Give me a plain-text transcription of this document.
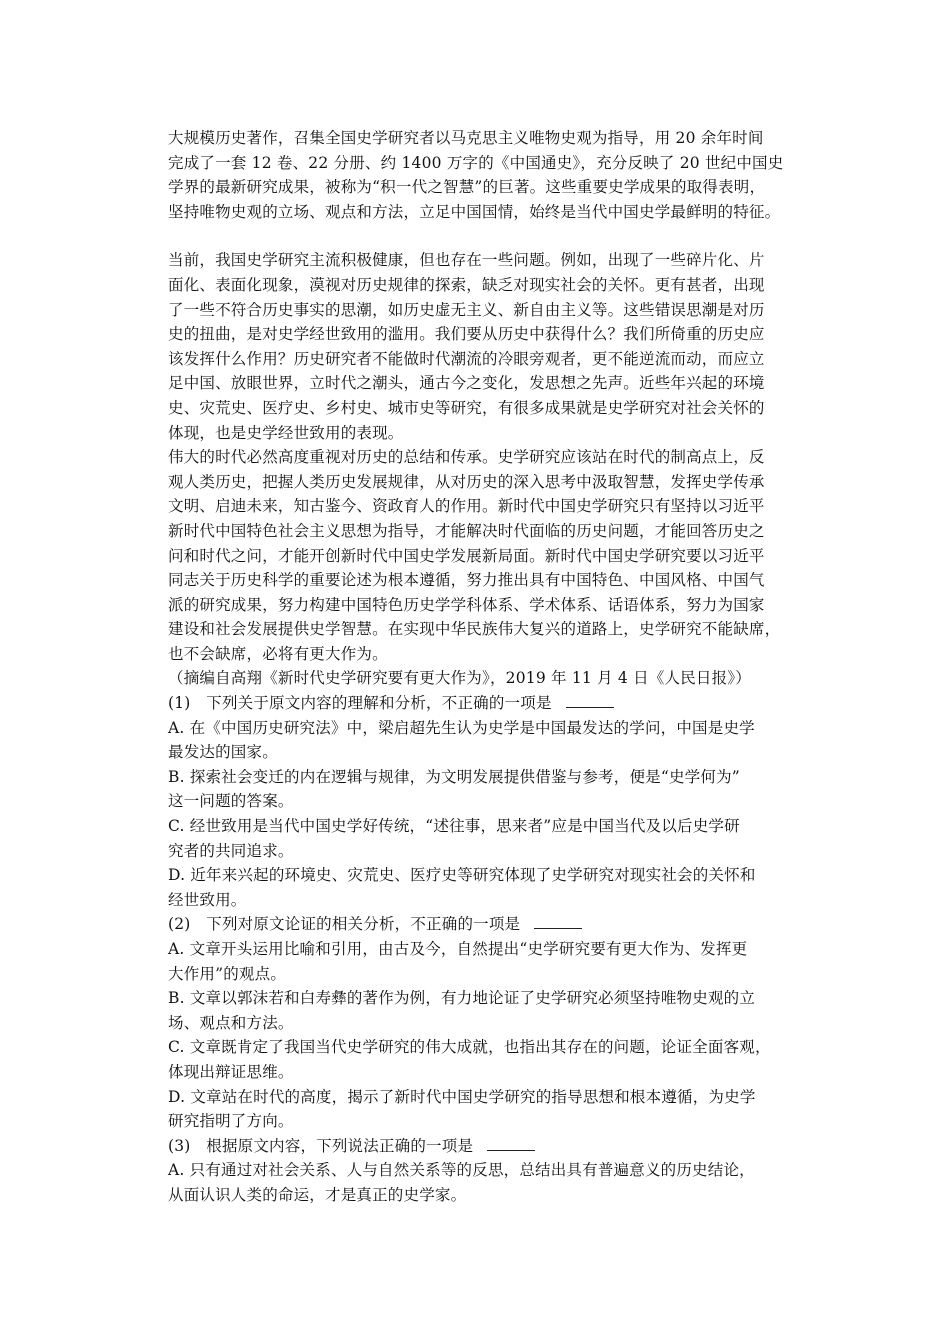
大规模历史著作，召集全国史学研究者以马克思主义唯物史观为指导，用 20 余年时间

完成了一套 12 卷、22 分册、约 1400 万字的《中国通史》，充分反映了 20 世纪中国史

学界的最新研究成果，被称为“积一代之智慧”的巨著。这些重要史学成果的取得表明，

坚持唯物史观的立场、观点和方法，立足中国国情，始终是当代中国史学最鲜明的特征。

当前，我国史学研究主流积极健康，但也存在一些问题。例如，出现了一些碎片化、片

面化、表面化现象，漠视对历史规律的探索，缺乏对现实社会的关怀。更有甚者，出现

了一些不符合历史事实的思潮，如历史虚无主义、新自由主义等。这些错误思潮是对历

史的扭曲，是对史学经世致用的滥用。我们要从历史中获得什么？我们所倚重的历史应

该发挥什么作用？历史研究者不能做时代潮流的冷眼旁观者，更不能逆流而动，而应立

足中国、放眼世界，立时代之潮头，通古今之变化，发思想之先声。近些年兴起的环境

史、灾荒史、医疗史、乡村史、城市史等研究，有很多成果就是史学研究对社会关怀的

体现，也是史学经世致用的表现。

伟大的时代必然高度重视对历史的总结和传承。史学研究应该站在时代的制高点上，反

观人类历史，把握人类历史发展规律，从对历史的深入思考中汲取智慧，发挥史学传承

文明、启迪未来，知古鉴今、资政育人的作用。新时代中国史学研究只有坚持以习近平

新时代中国特色社会主义思想为指导，才能解决时代面临的历史问题，才能回答历史之

问和时代之问，才能开创新时代中国史学发展新局面。新时代中国史学研究要以习近平

同志关于历史科学的重要论述为根本遵循，努力推出具有中国特色、中国风格、中国气

派的研究成果，努力构建中国特色历史学学科体系、学术体系、话语体系，努力为国家

建设和社会发展提供史学智慧。在实现中华民族伟大复兴的道路上，史学研究不能缺席，

也不会缺席，必将有更大作为。

（摘编自高翔《新时代史学研究要有更大作为》，2019 年 11 月 4 日《人民日报》）

(1)　下列关于原文内容的理解和分析，不正确的一项是

A. 在《中国历史研究法》中，梁启超先生认为史学是中国最发达的学问，中国是史学

最发达的国家。

B. 探索社会变迁的内在逻辑与规律，为文明发展提供借鉴与参考，便是“史学何为”

这一问题的答案。

C. 经世致用是当代中国史学好传统，“述往事，思来者”应是中国当代及以后史学研

究者的共同追求。

D. 近年来兴起的环境史、灾荒史、医疗史等研究体现了史学研究对现实社会的关怀和

经世致用。

(2)　下列对原文论证的相关分析，不正确的一项是

A. 文章开头运用比喻和引用，由古及今，自然提出“史学研究要有更大作为、发挥更

大作用”的观点。

B. 文章以郭沫若和白寿彝的著作为例，有力地论证了史学研究必须坚持唯物史观的立

场、观点和方法。

C. 文章既肯定了我国当代史学研究的伟大成就，也指出其存在的问题，论证全面客观，

体现出辩证思维。

D. 文章站在时代的高度，揭示了新时代中国史学研究的指导思想和根本遵循，为史学

研究指明了方向。

(3)　根据原文内容，下列说法正确的一项是

A. 只有通过对社会关系、人与自然关系等的反思，总结出具有普遍意义的历史结论，

从面认识人类的命运，才是真正的史学家。
